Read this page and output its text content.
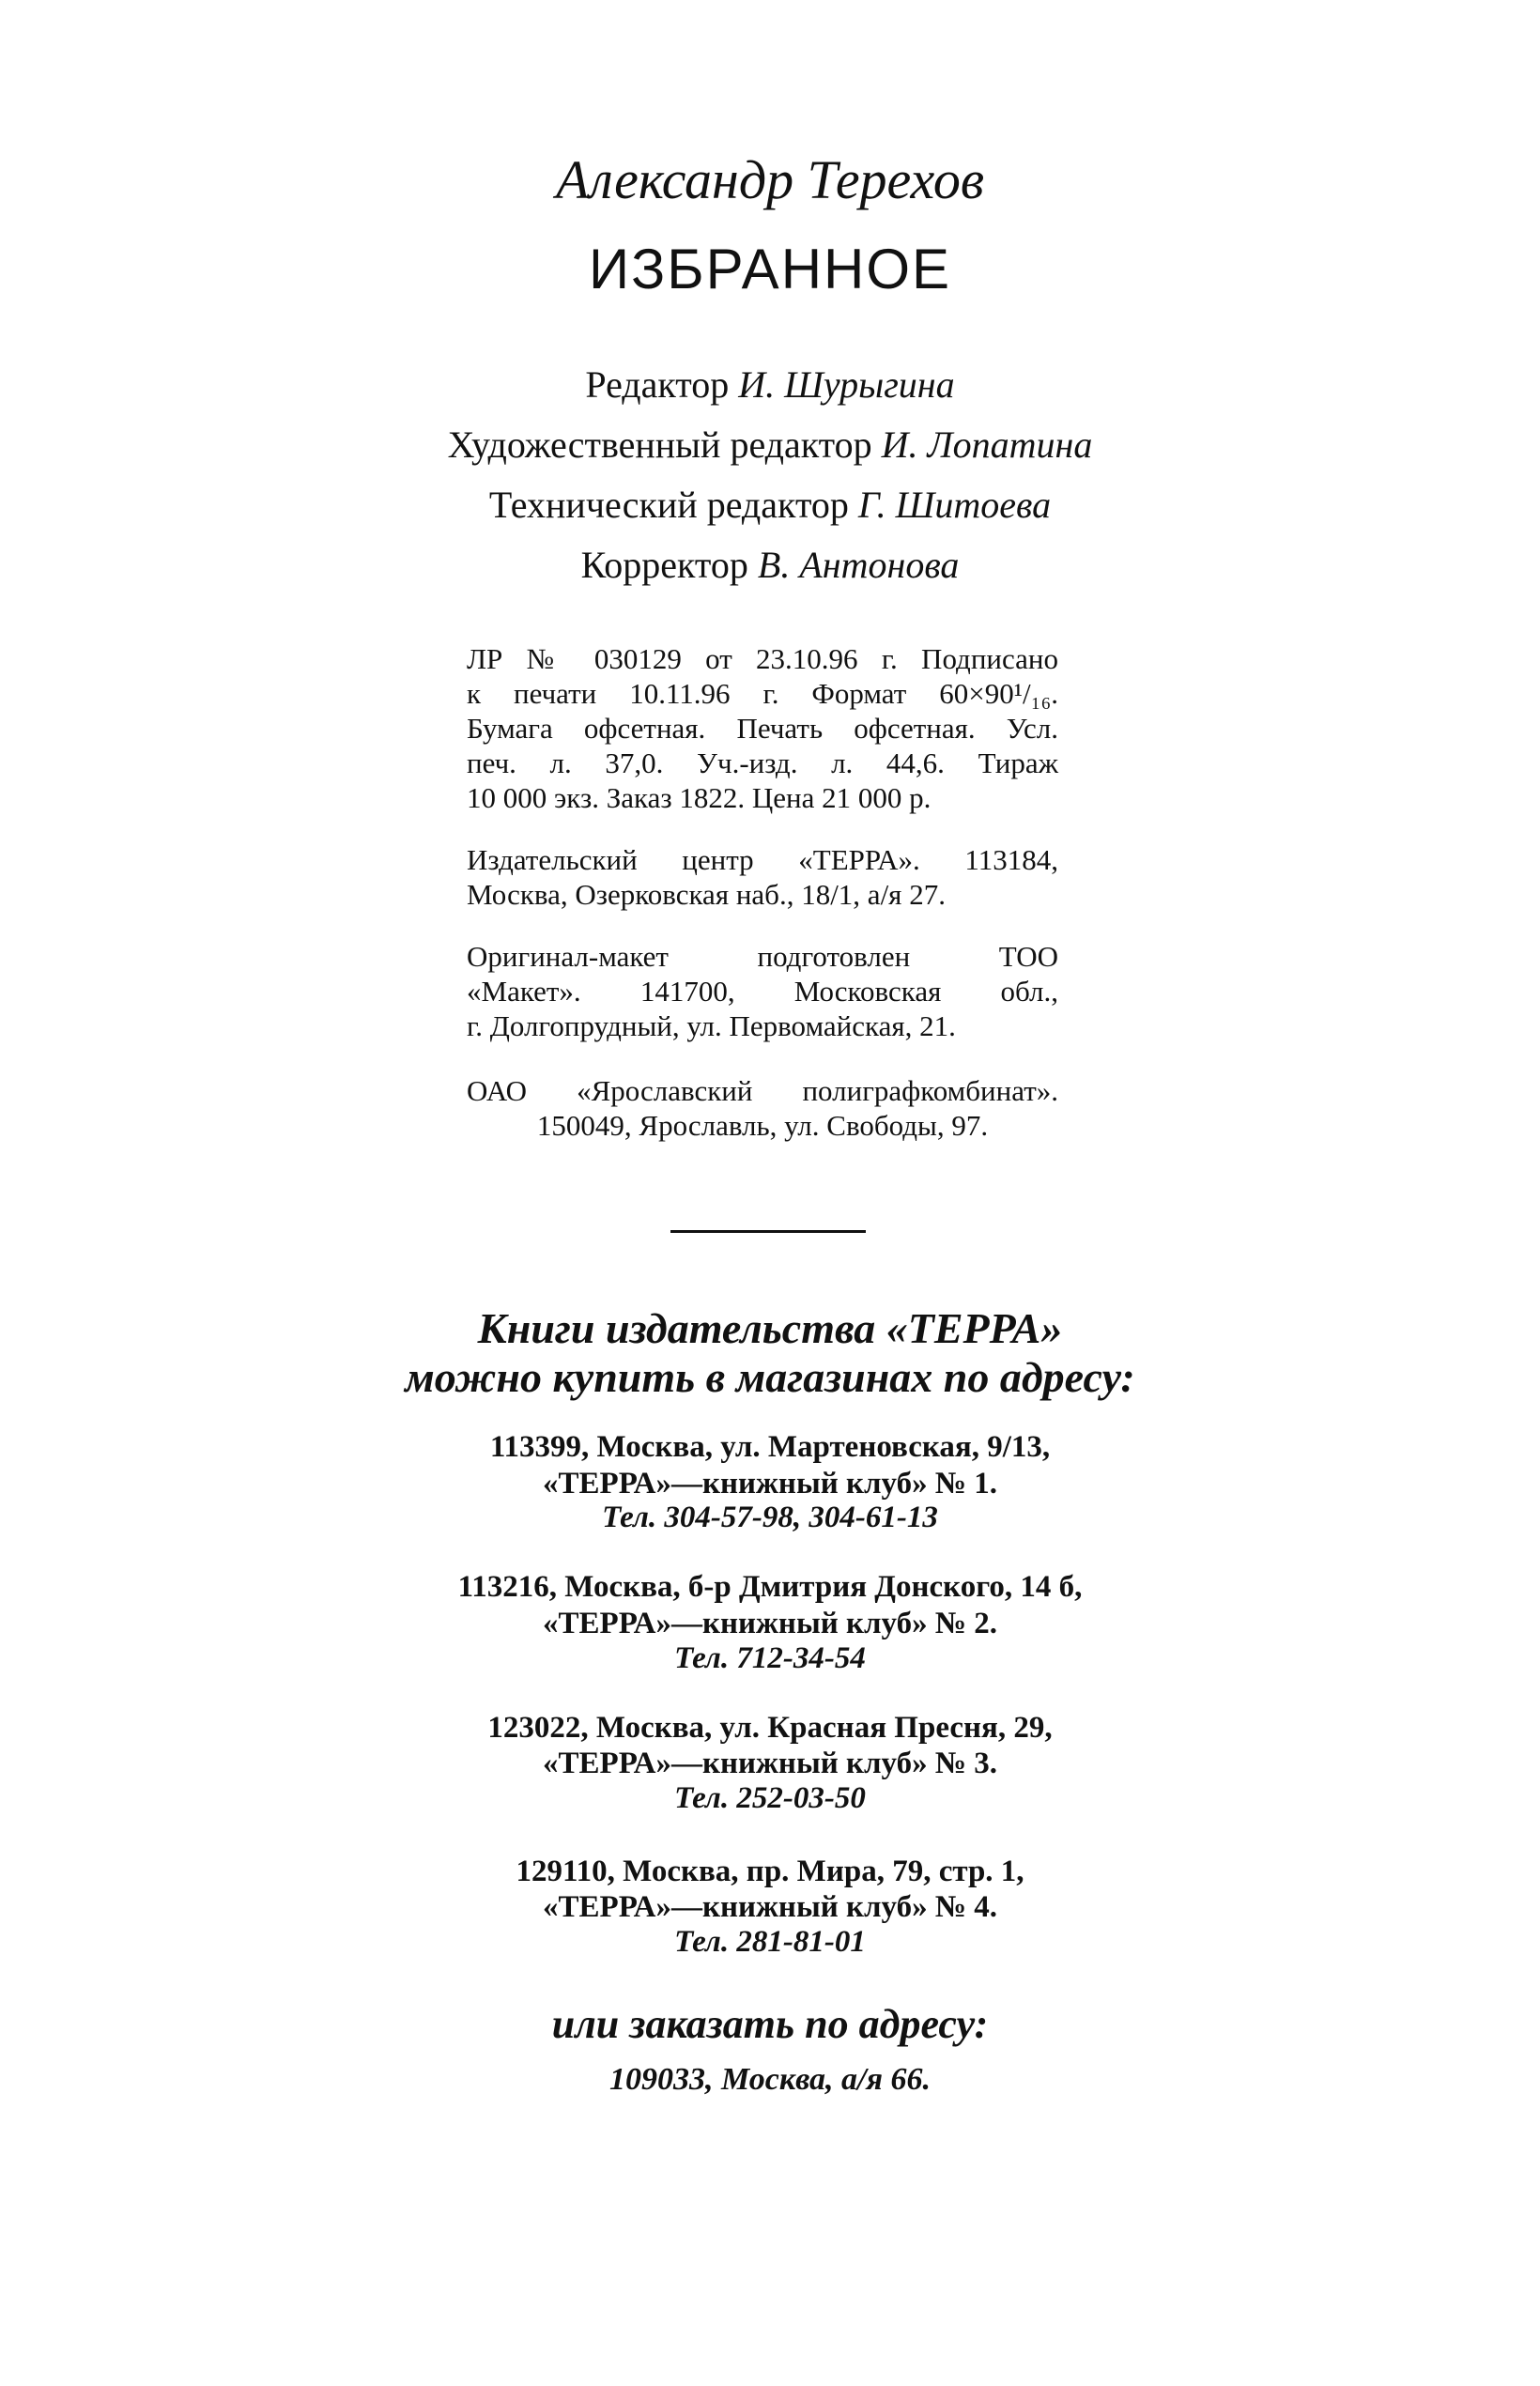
Александр Терехов
ИЗБРАННОЕ
Редактор И. Шурыгина
Художественный редактор И. Лопатина
Технический редактор Г. Шитоева
Корректор В. Антонова
ЛР № 030129 от 23.10.96 г. Подписано
к печати 10.11.96 г. Формат 60×90¹/₁₆.
Бумага офсетная. Печать офсетная. Усл.
печ. л. 37,0. Уч.-изд. л. 44,6. Тираж
10 000 экз. Заказ 1822. Цена 21 000 р.
Издательский центр «ТЕРРА». 113184,
Москва, Озерковская наб., 18/1, а/я 27.
Оригинал-макет подготовлен ТОО
«Макет». 141700, Московская обл.,
г. Долгопрудный, ул. Первомайская, 21.
ОАО «Ярославский полиграфкомбинат».
150049, Ярославль, ул. Свободы, 97.
Книги издательства «ТЕРРА»
можно купить в магазинах по адресу:
113399, Москва, ул. Мартеновская, 9/13,
«ТЕРРА»—книжный клуб» № 1.
Тел. 304-57-98, 304-61-13
113216, Москва, б-р Дмитрия Донского, 14 б,
«ТЕРРА»—книжный клуб» № 2.
Тел. 712-34-54
123022, Москва, ул. Красная Пресня, 29,
«ТЕРРА»—книжный клуб» № 3.
Тел. 252-03-50
129110, Москва, пр. Мира, 79, стр. 1,
«ТЕРРА»—книжный клуб» № 4.
Тел. 281-81-01
или заказать по адресу:
109033, Москва, а/я 66.
